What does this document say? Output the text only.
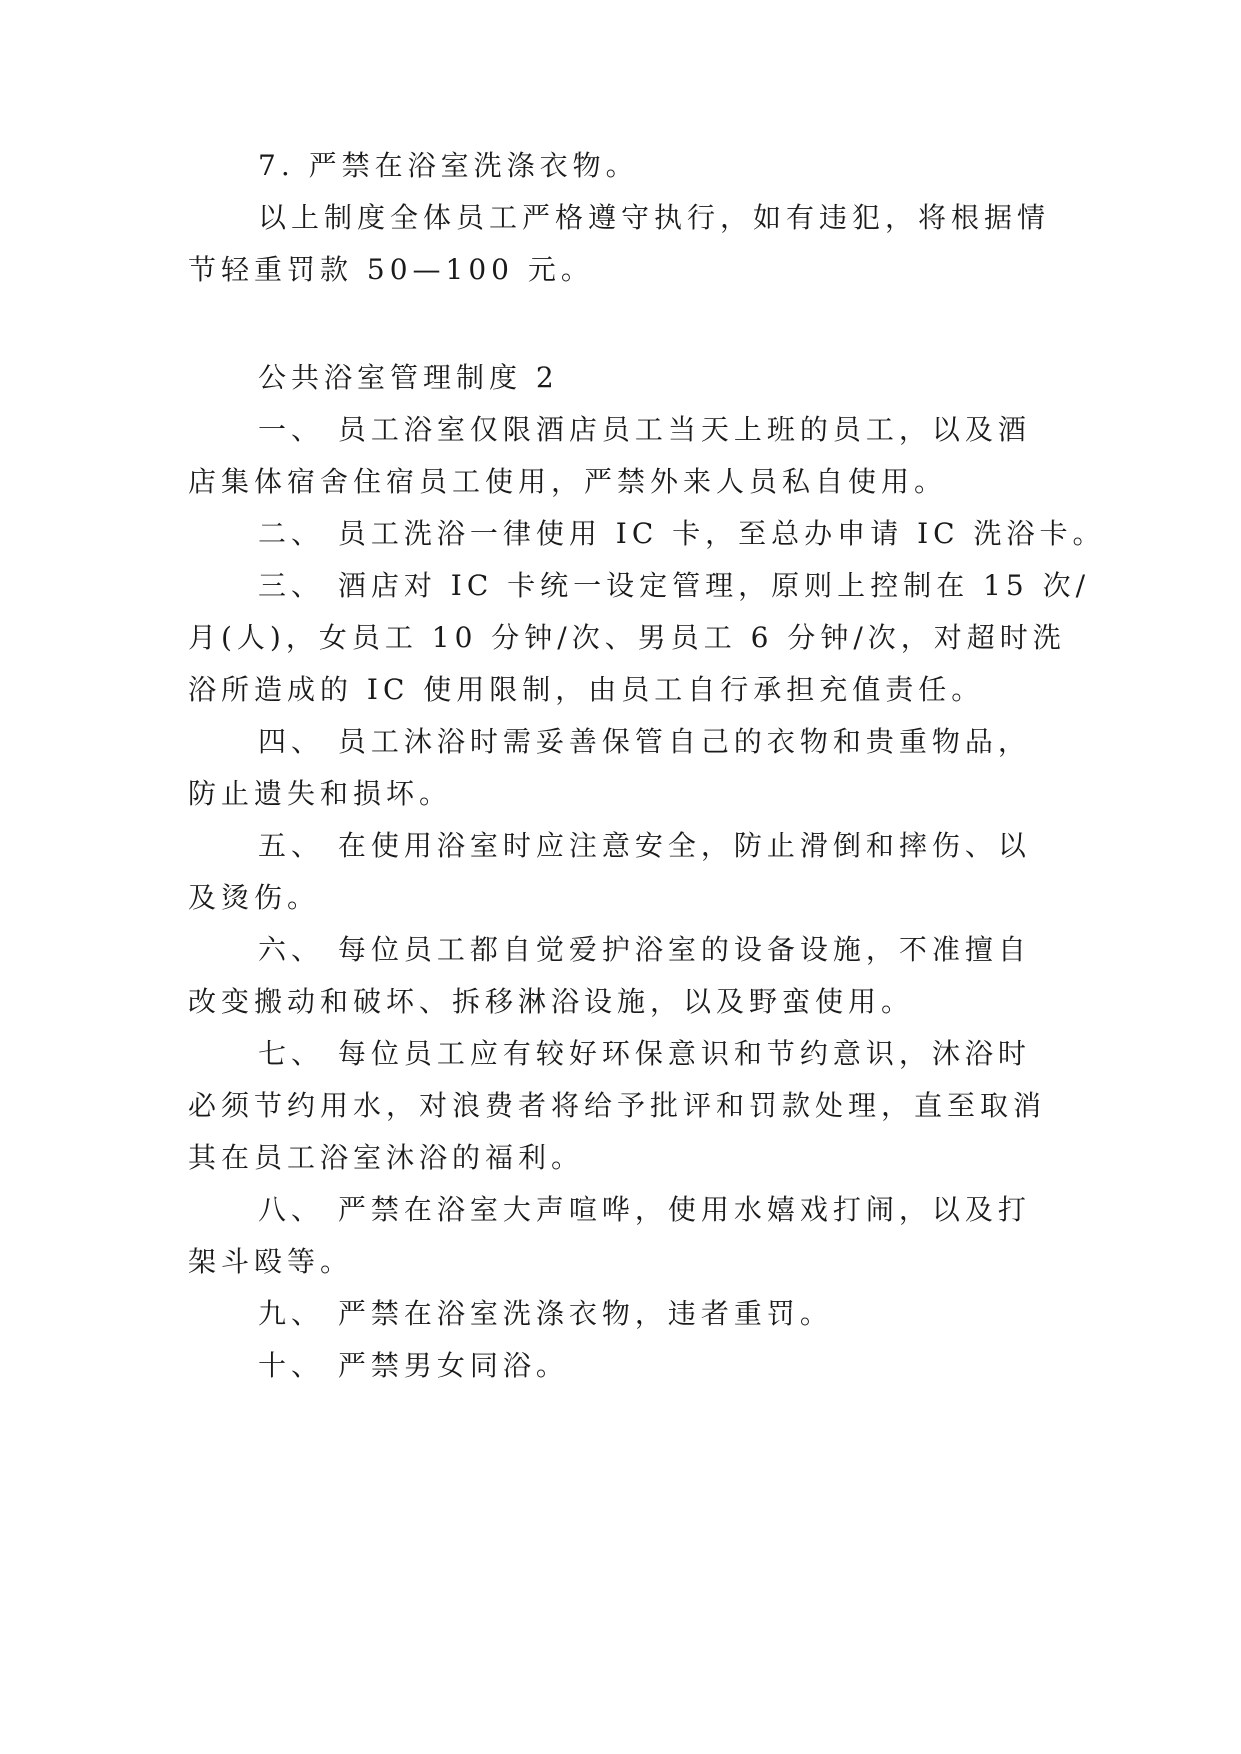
7. 严禁在浴室洗涤衣物。
以上制度全体员工严格遵守执行，如有违犯，将根据情
节轻重罚款 50—100 元。
公共浴室管理制度 2
一、 员工浴室仅限酒店员工当天上班的员工，以及酒
店集体宿舍住宿员工使用，严禁外来人员私自使用。
二、 员工洗浴一律使用 IC 卡，至总办申请 IC 洗浴卡。
三、 酒店对 IC 卡统一设定管理，原则上控制在 15 次/
月(人)，女员工 10 分钟/次、男员工 6 分钟/次，对超时洗
浴所造成的 IC 使用限制，由员工自行承担充值责任。
四、 员工沐浴时需妥善保管自己的衣物和贵重物品，
防止遗失和损坏。
五、 在使用浴室时应注意安全，防止滑倒和摔伤、以
及烫伤。
六、 每位员工都自觉爱护浴室的设备设施，不准擅自
改变搬动和破坏、拆移淋浴设施，以及野蛮使用。
七、 每位员工应有较好环保意识和节约意识，沐浴时
必须节约用水，对浪费者将给予批评和罚款处理，直至取消
其在员工浴室沐浴的福利。
八、 严禁在浴室大声喧哗，使用水嬉戏打闹，以及打
架斗殴等。
九、 严禁在浴室洗涤衣物，违者重罚。
十、 严禁男女同浴。
